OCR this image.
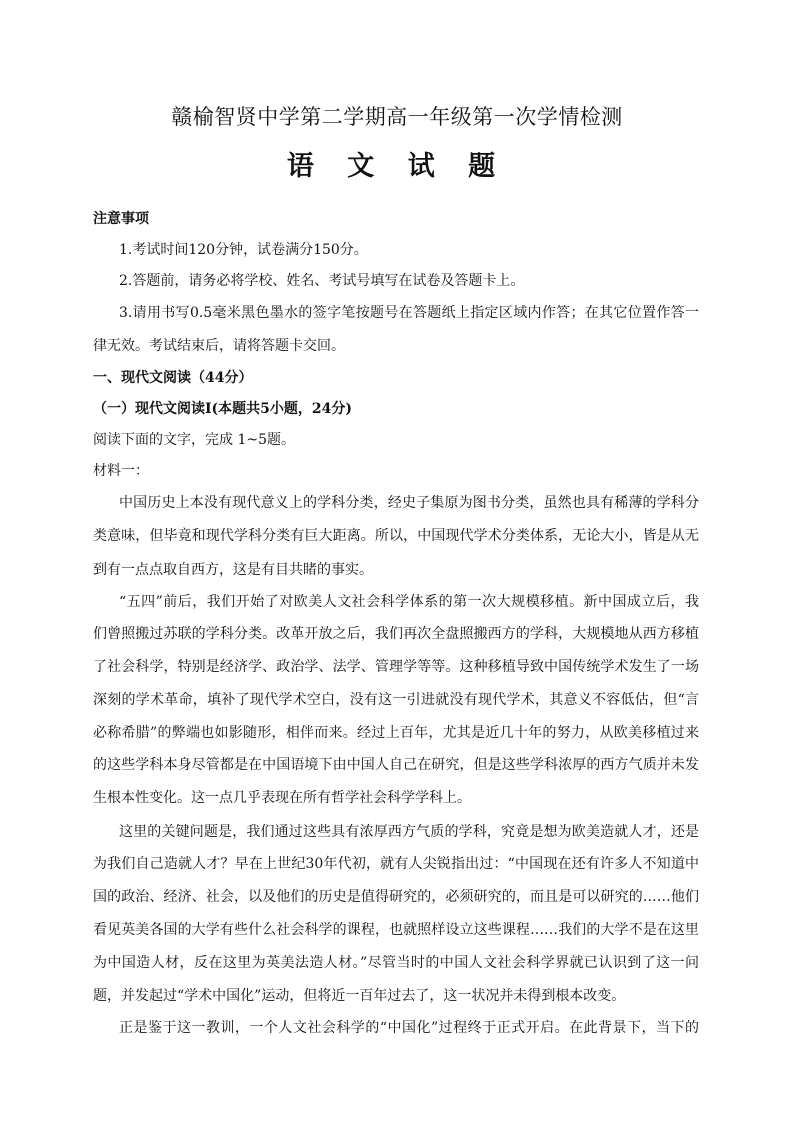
赣榆智贤中学第二学期高一年级第一次学情检测
语 文 试 题
注意事项
1.考试时间120分钟，试卷满分150分。
2.答题前，请务必将学校、姓名、考试号填写在试卷及答题卡上。
3.请用书写0.5毫米黑色墨水的签字笔按题号在答题纸上指定区域内作答；在其它位置作答一
律无效。考试结束后，请将答题卡交回。
一、现代文阅读（44分）
（一）现代文阅读I(本题共5小题，24分)
阅读下面的文字，完成 1~5题。
材料一：
中国历史上本没有现代意义上的学科分类，经史子集原为图书分类，虽然也具有稀薄的学科分
类意味，但毕竟和现代学科分类有巨大距离。所以，中国现代学术分类体系，无论大小，皆是从无
到有一点点取自西方，这是有目共睹的事实。
“五四”前后，我们开始了对欧美人文社会科学体系的第一次大规模移植。新中国成立后，我
们曾照搬过苏联的学科分类。改革开放之后，我们再次全盘照搬西方的学科，大规模地从西方移植
了社会科学，特别是经济学、政治学、法学、管理学等等。这种移植导致中国传统学术发生了一场
深刻的学术革命，填补了现代学术空白，没有这一引进就没有现代学术，其意义不容低估，但“言
必称希腊”的弊端也如影随形，相伴而来。经过上百年，尤其是近几十年的努力，从欧美移植过来
的这些学科本身尽管都是在中国语境下由中国人自己在研究，但是这些学科浓厚的西方气质并未发
生根本性变化。这一点几乎表现在所有哲学社会科学学科上。
这里的关键问题是，我们通过这些具有浓厚西方气质的学科，究竟是想为欧美造就人才，还是
为我们自己造就人才？早在上世纪30年代初，就有人尖锐指出过：“中国现在还有许多人不知道中
国的政治、经济、社会，以及他们的历史是值得研究的，必须研究的，而且是可以研究的……他们
看见英美各国的大学有些什么社会科学的课程，也就照样设立这些课程……我们的大学不是在这里
为中国造人材，反在这里为英美法造人材。”尽管当时的中国人文社会科学界就已认识到了这一问
题，并发起过“学术中国化”运动，但将近一百年过去了，这一状况并未得到根本改变。
正是鉴于这一教训，一个人文社会科学的“中国化”过程终于正式开启。在此背景下，当下的
